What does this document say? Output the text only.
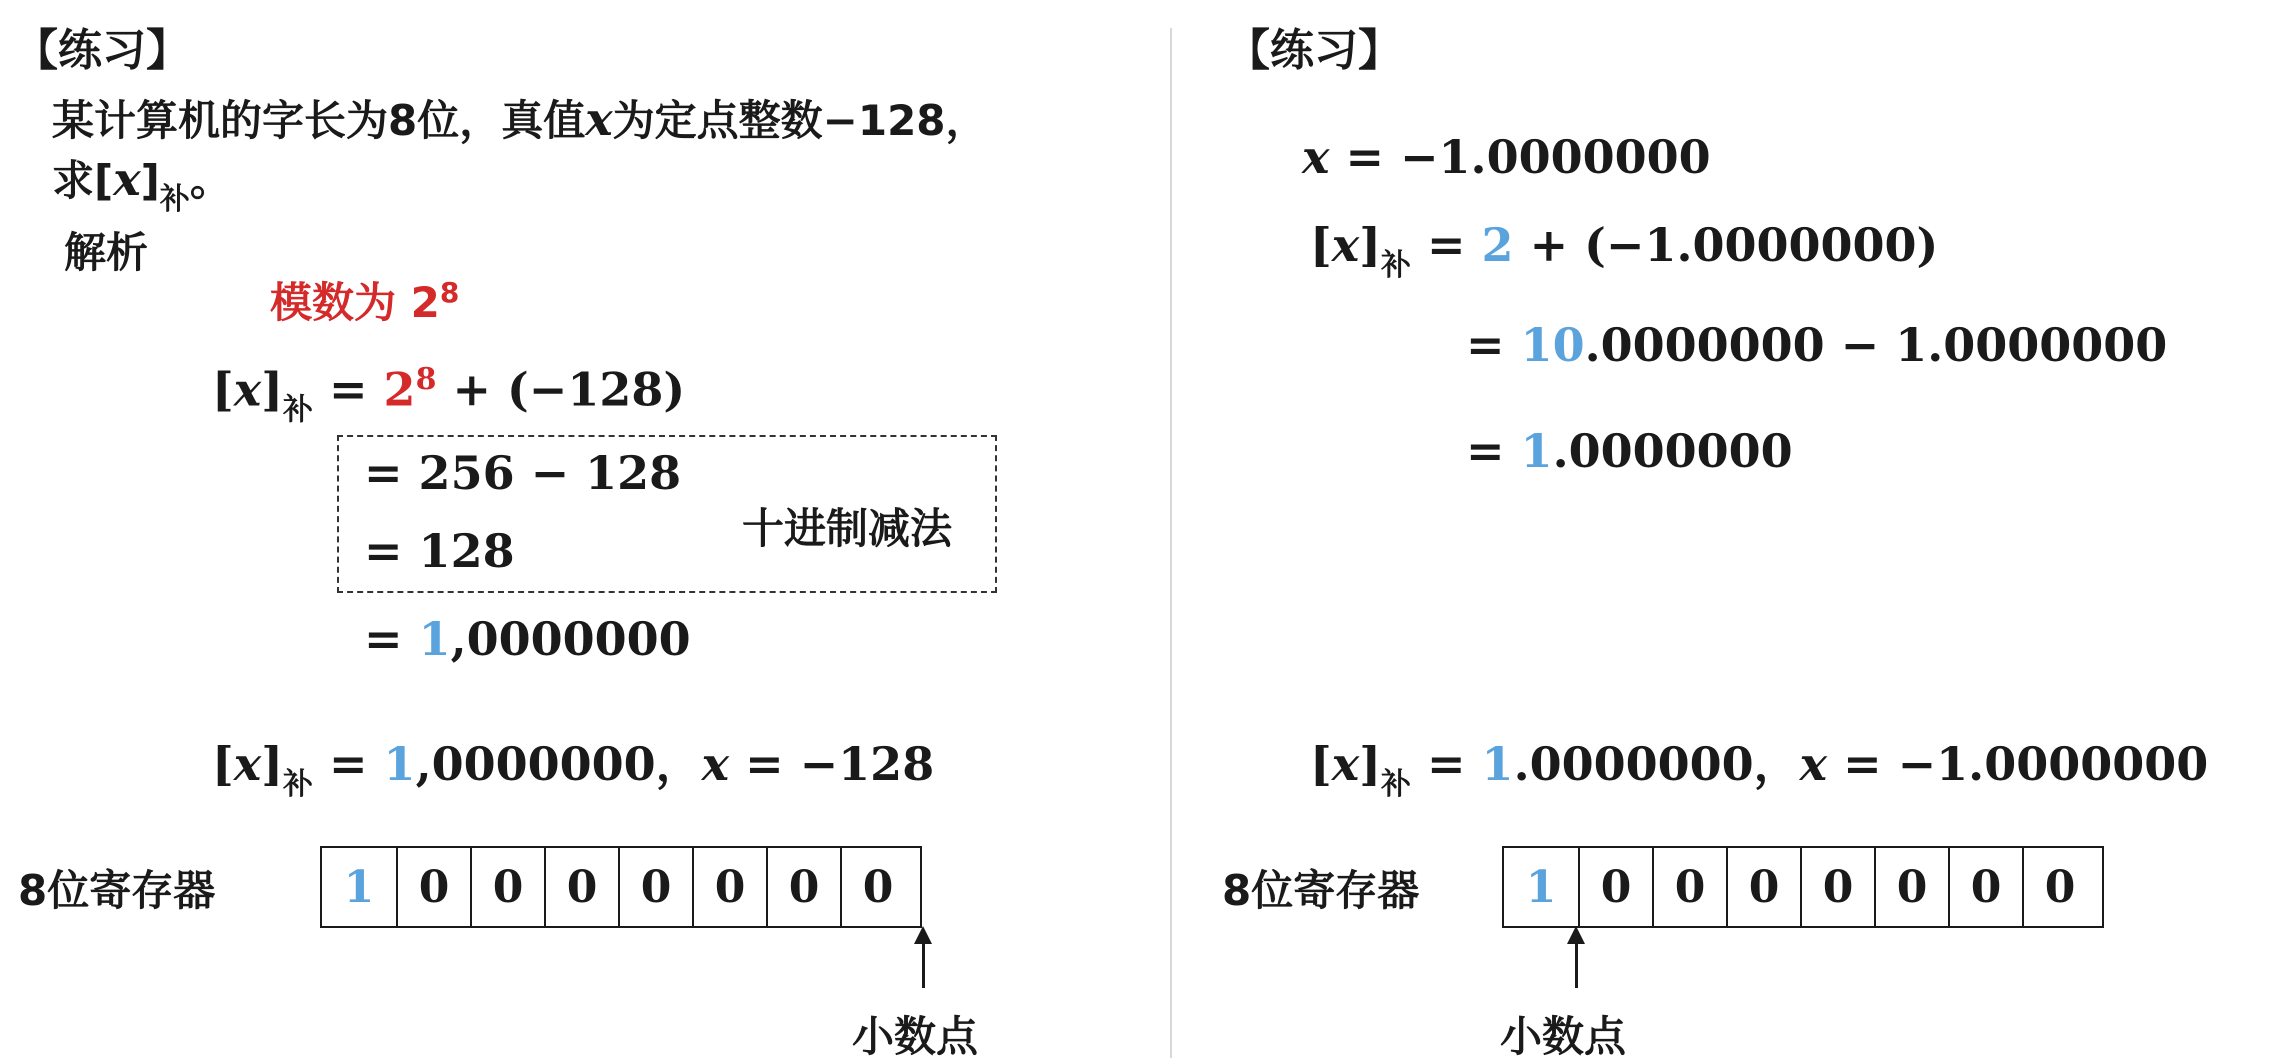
【练习】
某计算机的字长为8位，真值x为定点整数−128，
求$[x]_补$。
解析
模数为 $2^8$
$[x]_补 = 2^8 + (-128)$
= 256 − 128
= 128	十进制减法
= 1,0000000
$[x]_补 = 1,0000000$，x = −128
8位寄存器	1	0 0 0 0 0 0 0
小数点
【练习】
x = −1.0000000
$[x]_补 = 2 + (-1.0000000)$
= 10.0000000 − 1.0000000
= 1.0000000
$[x]_补 = 1.0000000$，x = −1.0000000
8位寄存器	1	0 0 0 0 0 0 0
小数点
